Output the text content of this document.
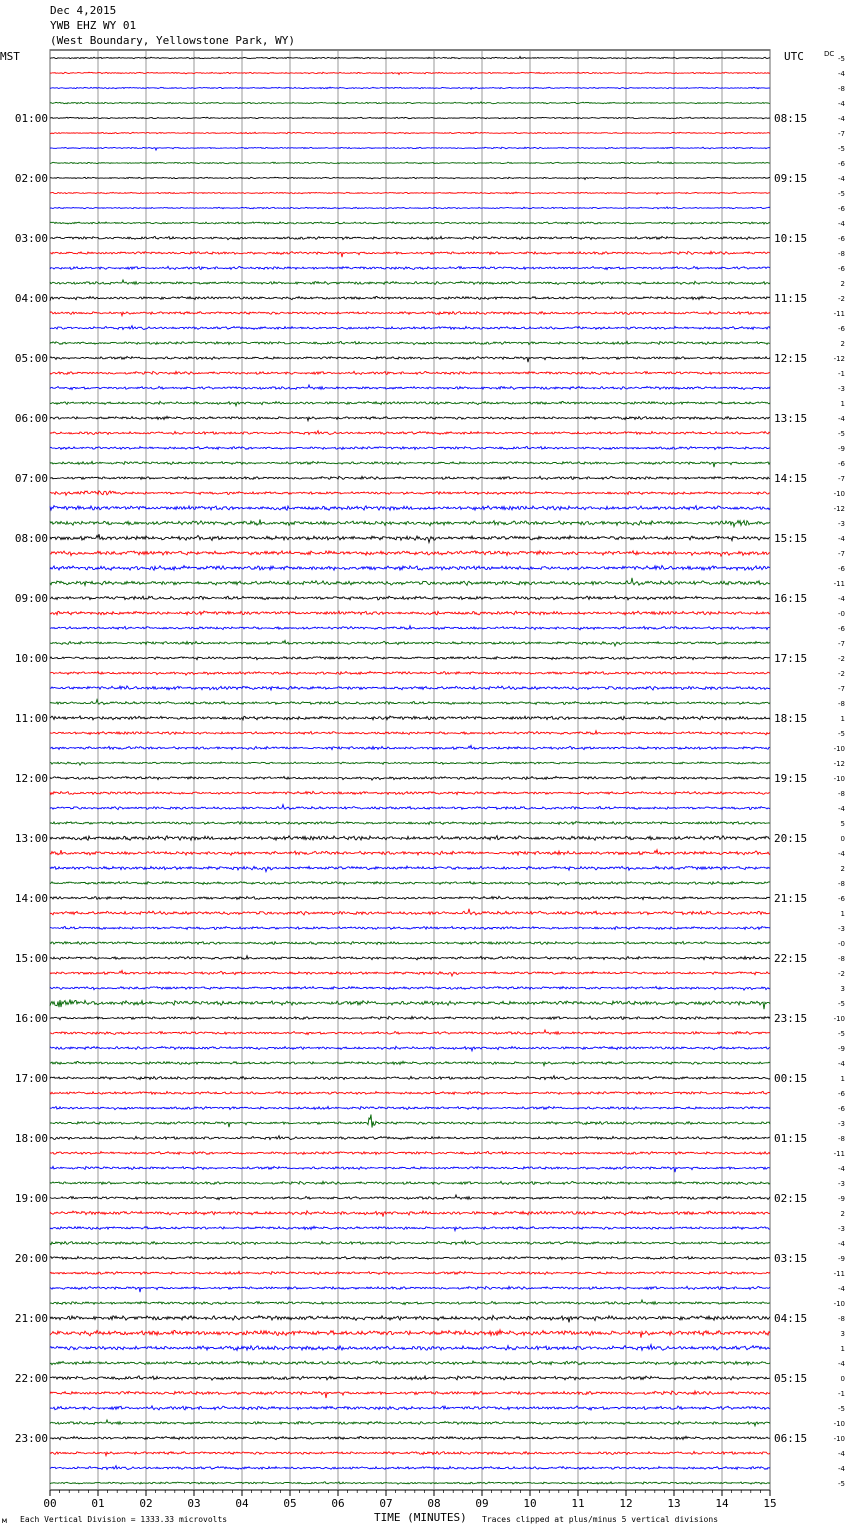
Dec 4,2015
YWB EHZ WY 01
(West Boundary, Yellowstone Park, WY)
MST	UTC
00	01	02	03	04	05	06	07	08	09	10	11	12	13	14	15
DC
-5
-4
-8
-4
-4
-7
-5
-6
-4
-5
-6
-4
-6
-8
-6
2
-2
-11
-6
2
-12
-1
-3
1
-4
-5
-9
-6
-7
-10
-12
-3
-4
-7
-6
-11
-4
-0
-6
-7
-2
-2
-7
-8
1
-5
-10
-12
-10
-8
-4
5
0
-4
2
-8
-6
1
-3
-0
-8
-2
3
-5
-10
-5
-9
-4
1
-6
-6
-3
-8
-11
-4
-3
-9
2
-3
-4
-9
-11
-4
-10
-8
3
1
-4
0
-1
-5
-10
-10
-4
-4
-5
01:00	08:15
02:00	09:15
03:00	10:15
04:00	11:15
05:00	12:15
06:00	13:15
07:00	14:15
08:00	15:15
09:00	16:15
10:00	17:15
11:00	18:15
12:00	19:15
13:00	20:15
14:00	21:15
15:00	22:15
16:00	23:15
17:00	00:15
18:00	01:15
19:00	02:15
20:00	03:15
21:00	04:15
22:00	05:15
23:00	06:15
TIME (MINUTES)
м Each Vertical Division = 1333.33 microvolts	Traces clipped at plus/minus 5 vertical divisions
